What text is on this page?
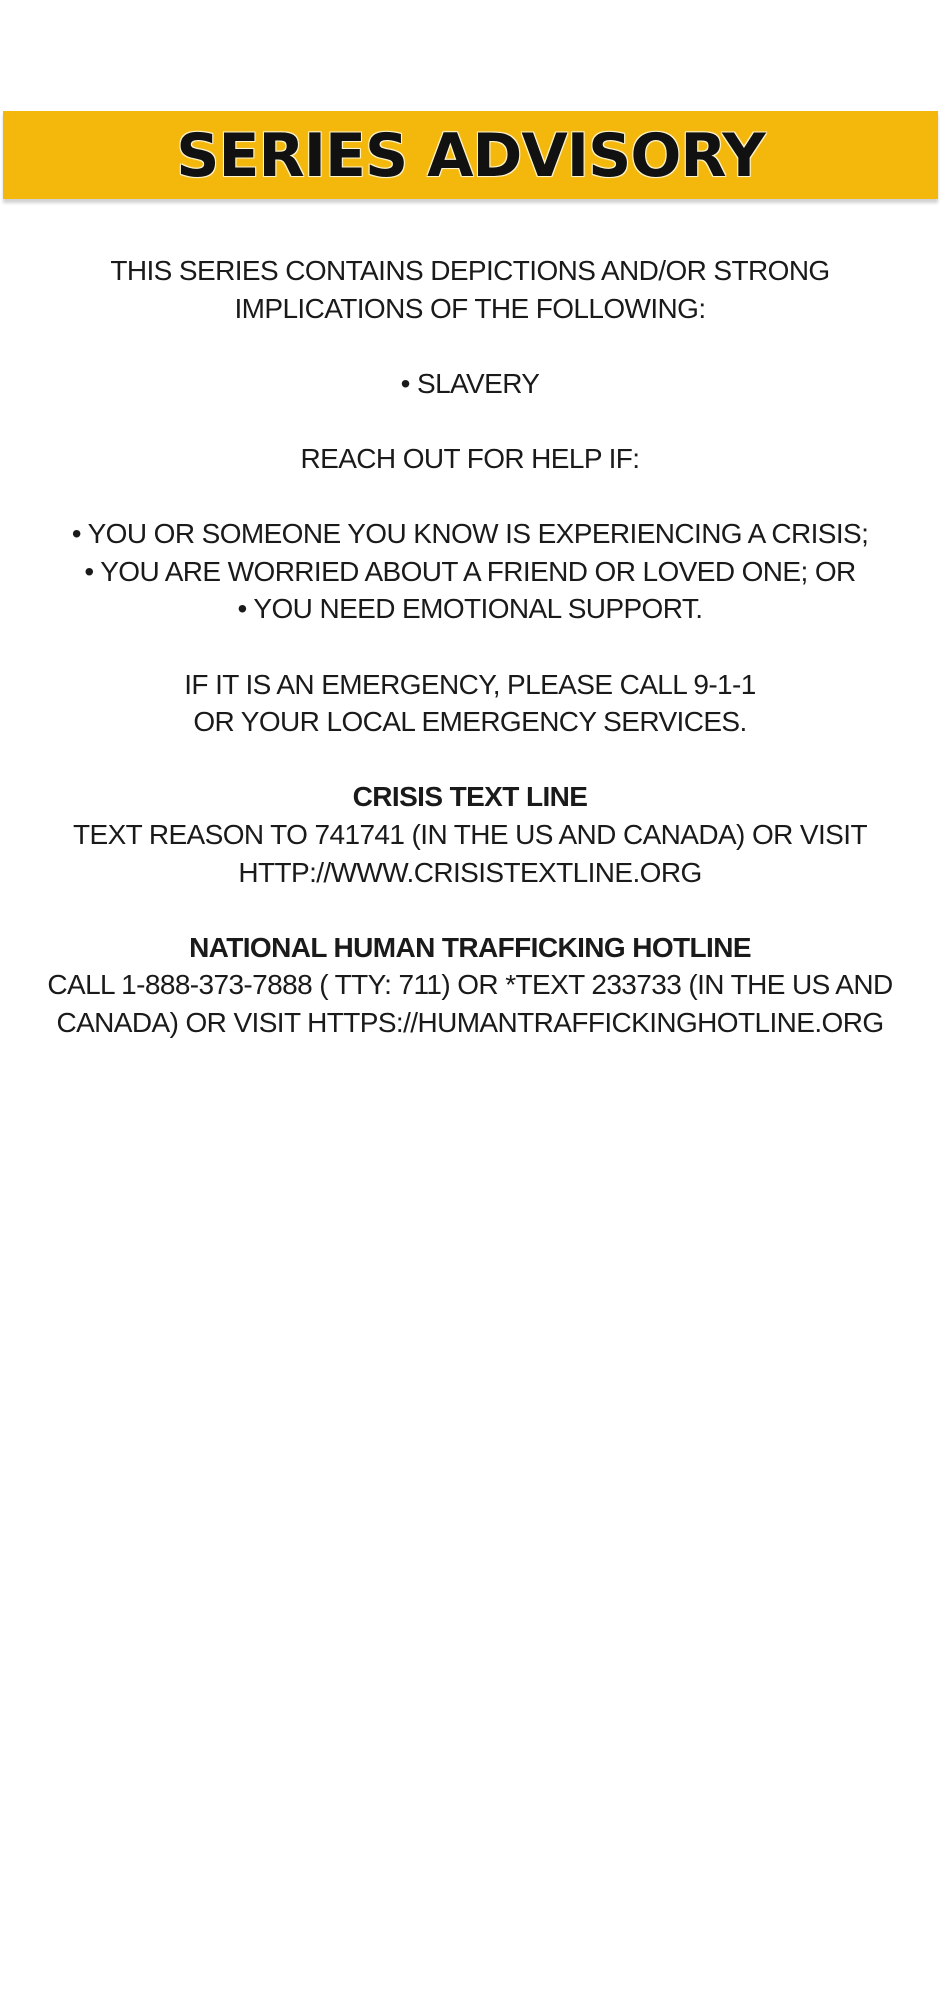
SERIES ADVISORY
THIS SERIES CONTAINS DEPICTIONS AND/OR STRONG
IMPLICATIONS OF THE FOLLOWING:
• SLAVERY
REACH OUT FOR HELP IF:
• YOU OR SOMEONE YOU KNOW IS EXPERIENCING A CRISIS;
• YOU ARE WORRIED ABOUT A FRIEND OR LOVED ONE; OR
• YOU NEED EMOTIONAL SUPPORT.
IF IT IS AN EMERGENCY, PLEASE CALL 9-1-1
OR YOUR LOCAL EMERGENCY SERVICES.
CRISIS TEXT LINE
TEXT REASON TO 741741 (IN THE US AND CANADA) OR VISIT
HTTP://WWW.CRISISTEXTLINE.ORG
NATIONAL HUMAN TRAFFICKING HOTLINE
CALL 1-888-373-7888 ( TTY: 711) OR *TEXT 233733 (IN THE US AND
CANADA) OR VISIT HTTPS://HUMANTRAFFICKINGHOTLINE.ORG
